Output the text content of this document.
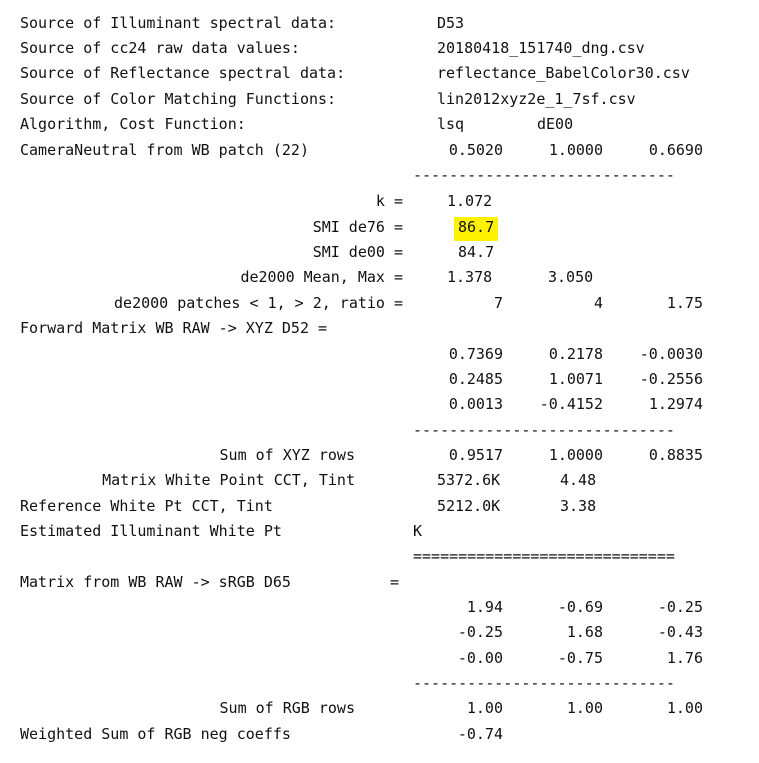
Source of Illuminant spectral data:	D53
Source of cc24 raw data values:	20180418_151740_dng.csv
Source of Reflectance spectral data:	reflectance_BabelColor30.csv
Source of Color Matching Functions:	lin2012xyz2e_1_7sf.csv
Algorithm, Cost Function:	lsq	dE00
CameraNeutral from WB patch (22)	0.5020	1.0000	0.6690
-----------------------------
k =	1.072
SMI de76 =	86.7
SMI de00 =	84.7
de2000 Mean, Max =	1.378	3.050
de2000 patches < 1, > 2, ratio =	7	4	1.75
Forward Matrix WB RAW -> XYZ D52 =
0.7369	0.2178	-0.0030
0.2485	1.0071	-0.2556
0.0013	-0.4152	1.2974
-----------------------------
Sum of XYZ rows	0.9517	1.0000	0.8835
Matrix White Point CCT, Tint	5372.6K	4.48
Reference White Pt CCT, Tint	5212.0K	3.38
Estimated Illuminant White Pt	K
=============================
Matrix from WB RAW -> sRGB D65	=
1.94	-0.69	-0.25
-0.25	1.68	-0.43
-0.00	-0.75	1.76
-----------------------------
Sum of RGB rows	1.00	1.00	1.00
Weighted Sum of RGB neg coeffs	-0.74
